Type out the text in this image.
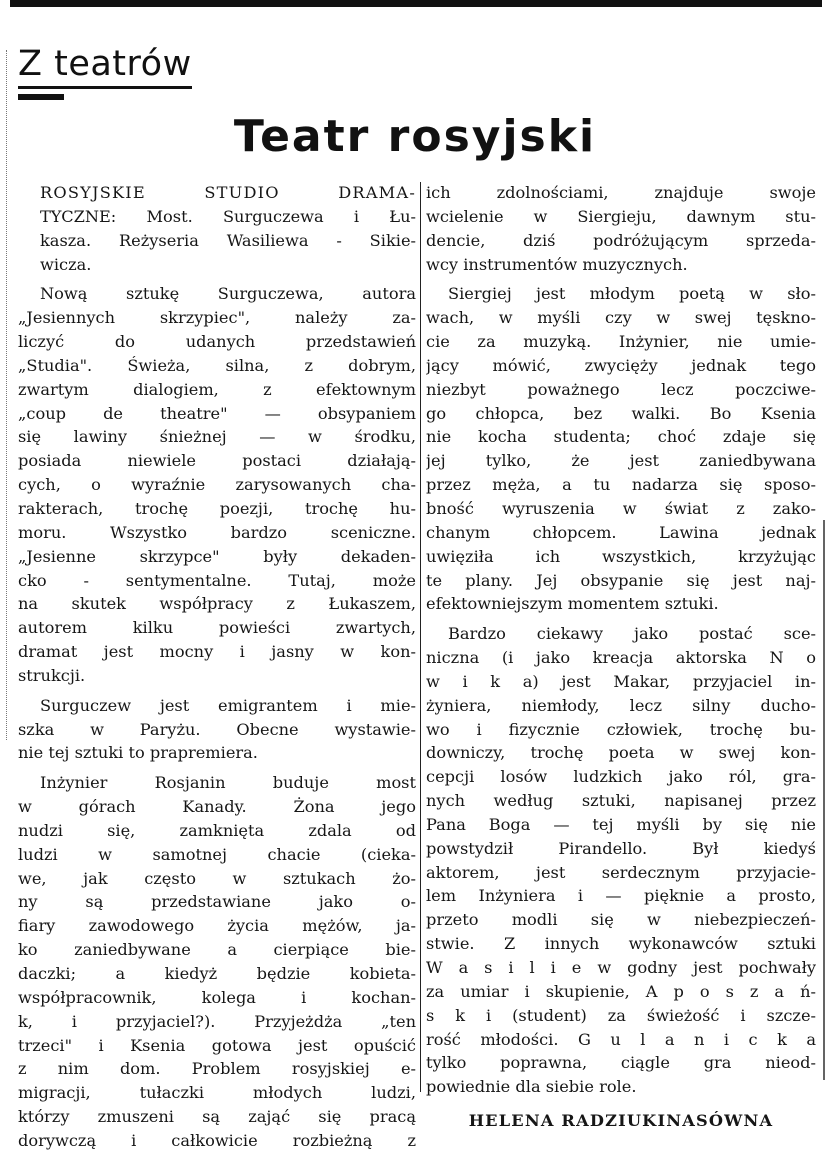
Z teatrów
Teatr rosyjski
ROSYJSKIE STUDIO DRAMA-
TYCZNE: Most. Surguczewa i Łu-
kasza. Reżyseria Wasiliewa - Sikie-
wicza.
Nową sztukę Surguczewa, autora
„Jesiennych skrzypiec", należy za-
liczyć do udanych przedstawień
„Studia". Świeża, silna, z dobrym,
zwartym dialogiem, z efektownym
„coup de theatre" — obsypaniem
się lawiny śnieżnej — w środku,
posiada niewiele postaci działają-
cych, o wyraźnie zarysowanych cha-
rakterach, trochę poezji, trochę hu-
moru. Wszystko bardzo sceniczne.
„Jesienne skrzypce" były dekaden-
cko - sentymentalne. Tutaj, może
na skutek współpracy z Łukaszem,
autorem kilku powieści zwartych,
dramat jest mocny i jasny w kon-
strukcji.
Surguczew jest emigrantem i mie-
szka w Paryżu. Obecne wystawie-
nie tej sztuki to prapremiera.
Inżynier Rosjanin buduje most
w górach Kanady. Żona jego
nudzi się, zamknięta zdala od
ludzi w samotnej chacie (cieka-
we, jak często w sztukach żo-
ny są przedstawiane jako o-
fiary zawodowego życia mężów, ja-
ko zaniedbywane a cierpiące bie-
daczki; a kiedyż będzie kobieta-
współpracownik, kolega i kochan-
k, i przyjaciel?). Przyjeżdża „ten
trzeci" i Ksenia gotowa jest opuścić
z nim dom. Problem rosyjskiej e-
migracji, tułaczki młodych ludzi,
którzy zmuszeni są zająć się pracą
dorywczą i całkowicie rozbieżną z
ich zdolnościami, znajduje swoje
wcielenie w Siergieju, dawnym stu-
dencie, dziś podróżującym sprzeda-
wcy instrumentów muzycznych.
Siergiej jest młodym poetą w sło-
wach, w myśli czy w swej tęskno-
cie za muzyką. Inżynier, nie umie-
jący mówić, zwycięży jednak tego
niezbyt poważnego lecz poczciwe-
go chłopca, bez walki. Bo Ksenia
nie kocha studenta; choć zdaje się
jej tylko, że jest zaniedbywana
przez męża, a tu nadarza się sposo-
bność wyruszenia w świat z zako-
chanym chłopcem. Lawina jednak
uwięziła ich wszystkich, krzyżując
te plany. Jej obsypanie się jest naj-
efektowniejszym momentem sztuki.
Bardzo ciekawy jako postać sce-
niczna (i jako kreacja aktorska N o
w i k a) jest Makar, przyjaciel in-
żyniera, niemłody, lecz silny ducho-
wo i fizycznie człowiek, trochę bu-
downiczy, trochę poeta w swej kon-
cepcji losów ludzkich jako ról, gra-
nych według sztuki, napisanej przez
Pana Boga — tej myśli by się nie
powstydził Pirandello. Był kiedyś
aktorem, jest serdecznym przyjacie-
lem Inżyniera i — pięknie a prosto,
przeto modli się w niebezpieczeń-
stwie. Z innych wykonawców sztuki
W a s i l i e w godny jest pochwały
za umiar i skupienie, A p o s z a ń-
s k i (student) za świeżość i szcze-
rość młodości. G u l a n i c k a
tylko poprawna, ciągle gra nieod-
powiednie dla siebie role.
HELENA RADZIUKINASÓWNA
